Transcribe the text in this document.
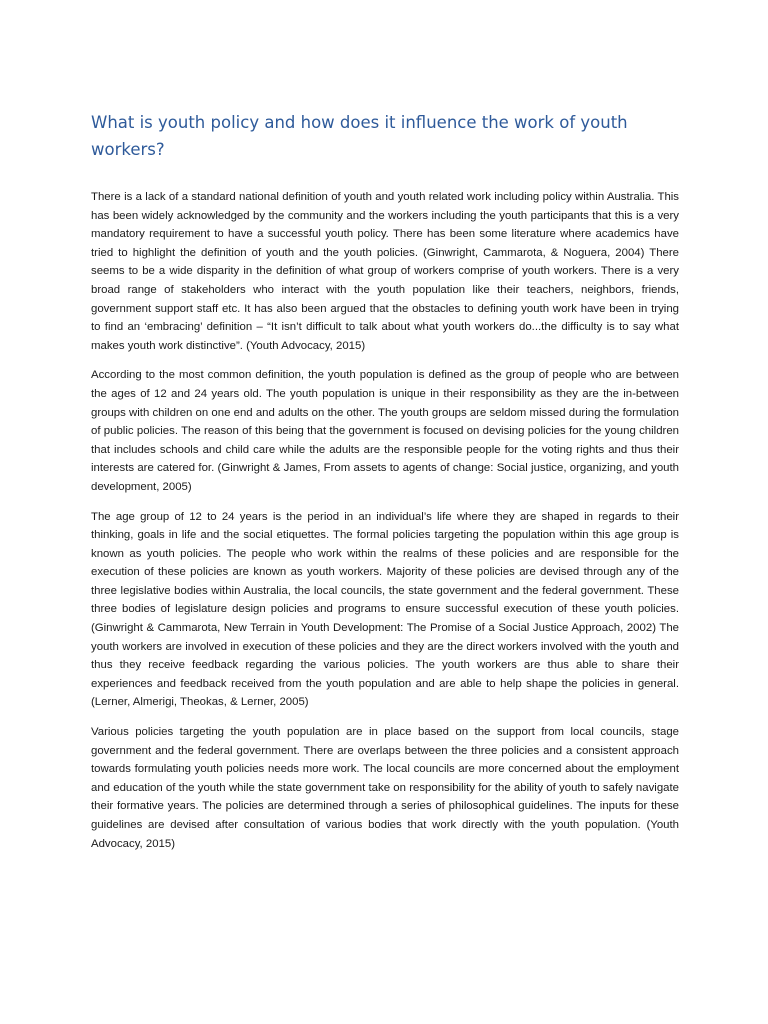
What is youth policy and how does it influence the work of youth workers?

There is a lack of a standard national definition of youth and youth related work including policy within Australia. This has been widely acknowledged by the community and the workers including the youth participants that this is a very mandatory requirement to have a successful youth policy. There has been some literature where academics have tried to highlight the definition of youth and the youth policies. (Ginwright, Cammarota, & Noguera, 2004) There seems to be a wide disparity in the definition of what group of workers comprise of youth workers. There is a very broad range of stakeholders who interact with the youth population like their teachers, neighbors, friends, government support staff etc. It has also been argued that the obstacles to defining youth work have been in trying to find an ‘embracing’ definition – “It isn’t difficult to talk about what youth workers do...the difficulty is to say what makes youth work distinctive”. (Youth Advocacy, 2015)

According to the most common definition, the youth population is defined as the group of people who are between the ages of 12 and 24 years old. The youth population is unique in their responsibility as they are the in-between groups with children on one end and adults on the other. The youth groups are seldom missed during the formulation of public policies. The reason of this being that the government is focused on devising policies for the young children that includes schools and child care while the adults are the responsible people for the voting rights and thus their interests are catered for. (Ginwright & James, From assets to agents of change: Social justice, organizing, and youth development, 2005)

The age group of 12 to 24 years is the period in an individual’s life where they are shaped in regards to their thinking, goals in life and the social etiquettes. The formal policies targeting the population within this age group is known as youth policies. The people who work within the realms of these policies and are responsible for the execution of these policies are known as youth workers. Majority of these policies are devised through any of the three legislative bodies within Australia, the local councils, the state government and the federal government. These three bodies of legislature design policies and programs to ensure successful execution of these youth policies. (Ginwright & Cammarota, New Terrain in Youth Development: The Promise of a Social Justice Approach, 2002) The youth workers are involved in execution of these policies and they are the direct workers involved with the youth and thus they receive feedback regarding the various policies. The youth workers are thus able to share their experiences and feedback received from the youth population and are able to help shape the policies in general. (Lerner, Almerigi, Theokas, & Lerner, 2005)

Various policies targeting the youth population are in place based on the support from local councils, stage government and the federal government. There are overlaps between the three policies and a consistent approach towards formulating youth policies needs more work. The local councils are more concerned about the employment and education of the youth while the state government take on responsibility for the ability of youth to safely navigate their formative years. The policies are determined through a series of philosophical guidelines. The inputs for these guidelines are devised after consultation of various bodies that work directly with the youth population. (Youth Advocacy, 2015)
